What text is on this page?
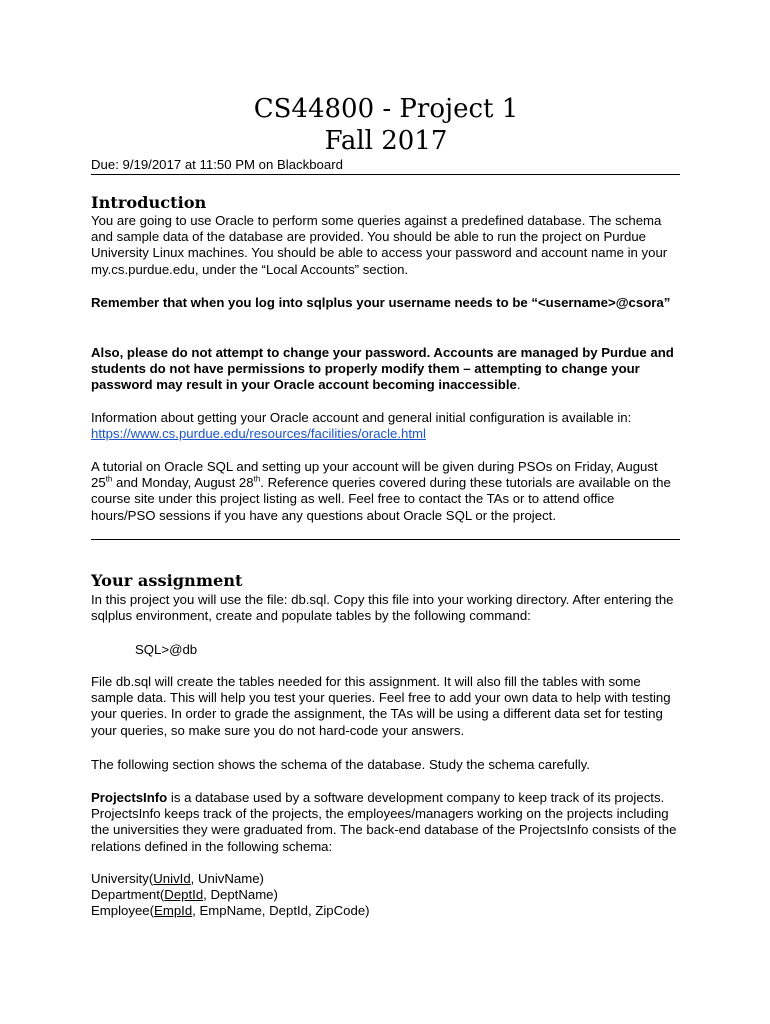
CS44800 - Project 1
Fall 2017
Due: 9/19/2017 at 11:50 PM on Blackboard
Introduction

You are going to use Oracle to perform some queries against a predefined database. The schema and sample data of the database are provided. You should be able to run the project on Purdue University Linux machines. You should be able to access your password and account name in your my.cs.purdue.edu, under the “Local Accounts” section.

Remember that when you log into sqlplus your username needs to be “<username>@csora”

Also, please do not attempt to change your password. Accounts are managed by Purdue and students do not have permissions to properly modify them – attempting to change your password may result in your Oracle account becoming inaccessible.

Information about getting your Oracle account and general initial configuration is available in:
https://www.cs.purdue.edu/resources/facilities/oracle.html

A tutorial on Oracle SQL and setting up your account will be given during PSOs on Friday, August 25th and Monday, August 28th. Reference queries covered during these tutorials are available on the course site under this project listing as well. Feel free to contact the TAs or to attend office hours/PSO sessions if you have any questions about Oracle SQL or the project.

Your assignment

In this project you will use the file: db.sql. Copy this file into your working directory. After entering the sqlplus environment, create and populate tables by the following command:

SQL>@db

File db.sql will create the tables needed for this assignment. It will also fill the tables with some sample data. This will help you test your queries. Feel free to add your own data to help with testing your queries. In order to grade the assignment, the TAs will be using a different data set for testing your queries, so make sure you do not hard-code your answers.

The following section shows the schema of the database. Study the schema carefully.

ProjectsInfo is a database used by a software development company to keep track of its projects. ProjectsInfo keeps track of the projects, the employees/managers working on the projects including the universities they were graduated from. The back-end database of the ProjectsInfo consists of the relations defined in the following schema:

University(UnivId, UnivName)
Department(DeptId, DeptName)
Employee(EmpId, EmpName, DeptId, ZipCode)
